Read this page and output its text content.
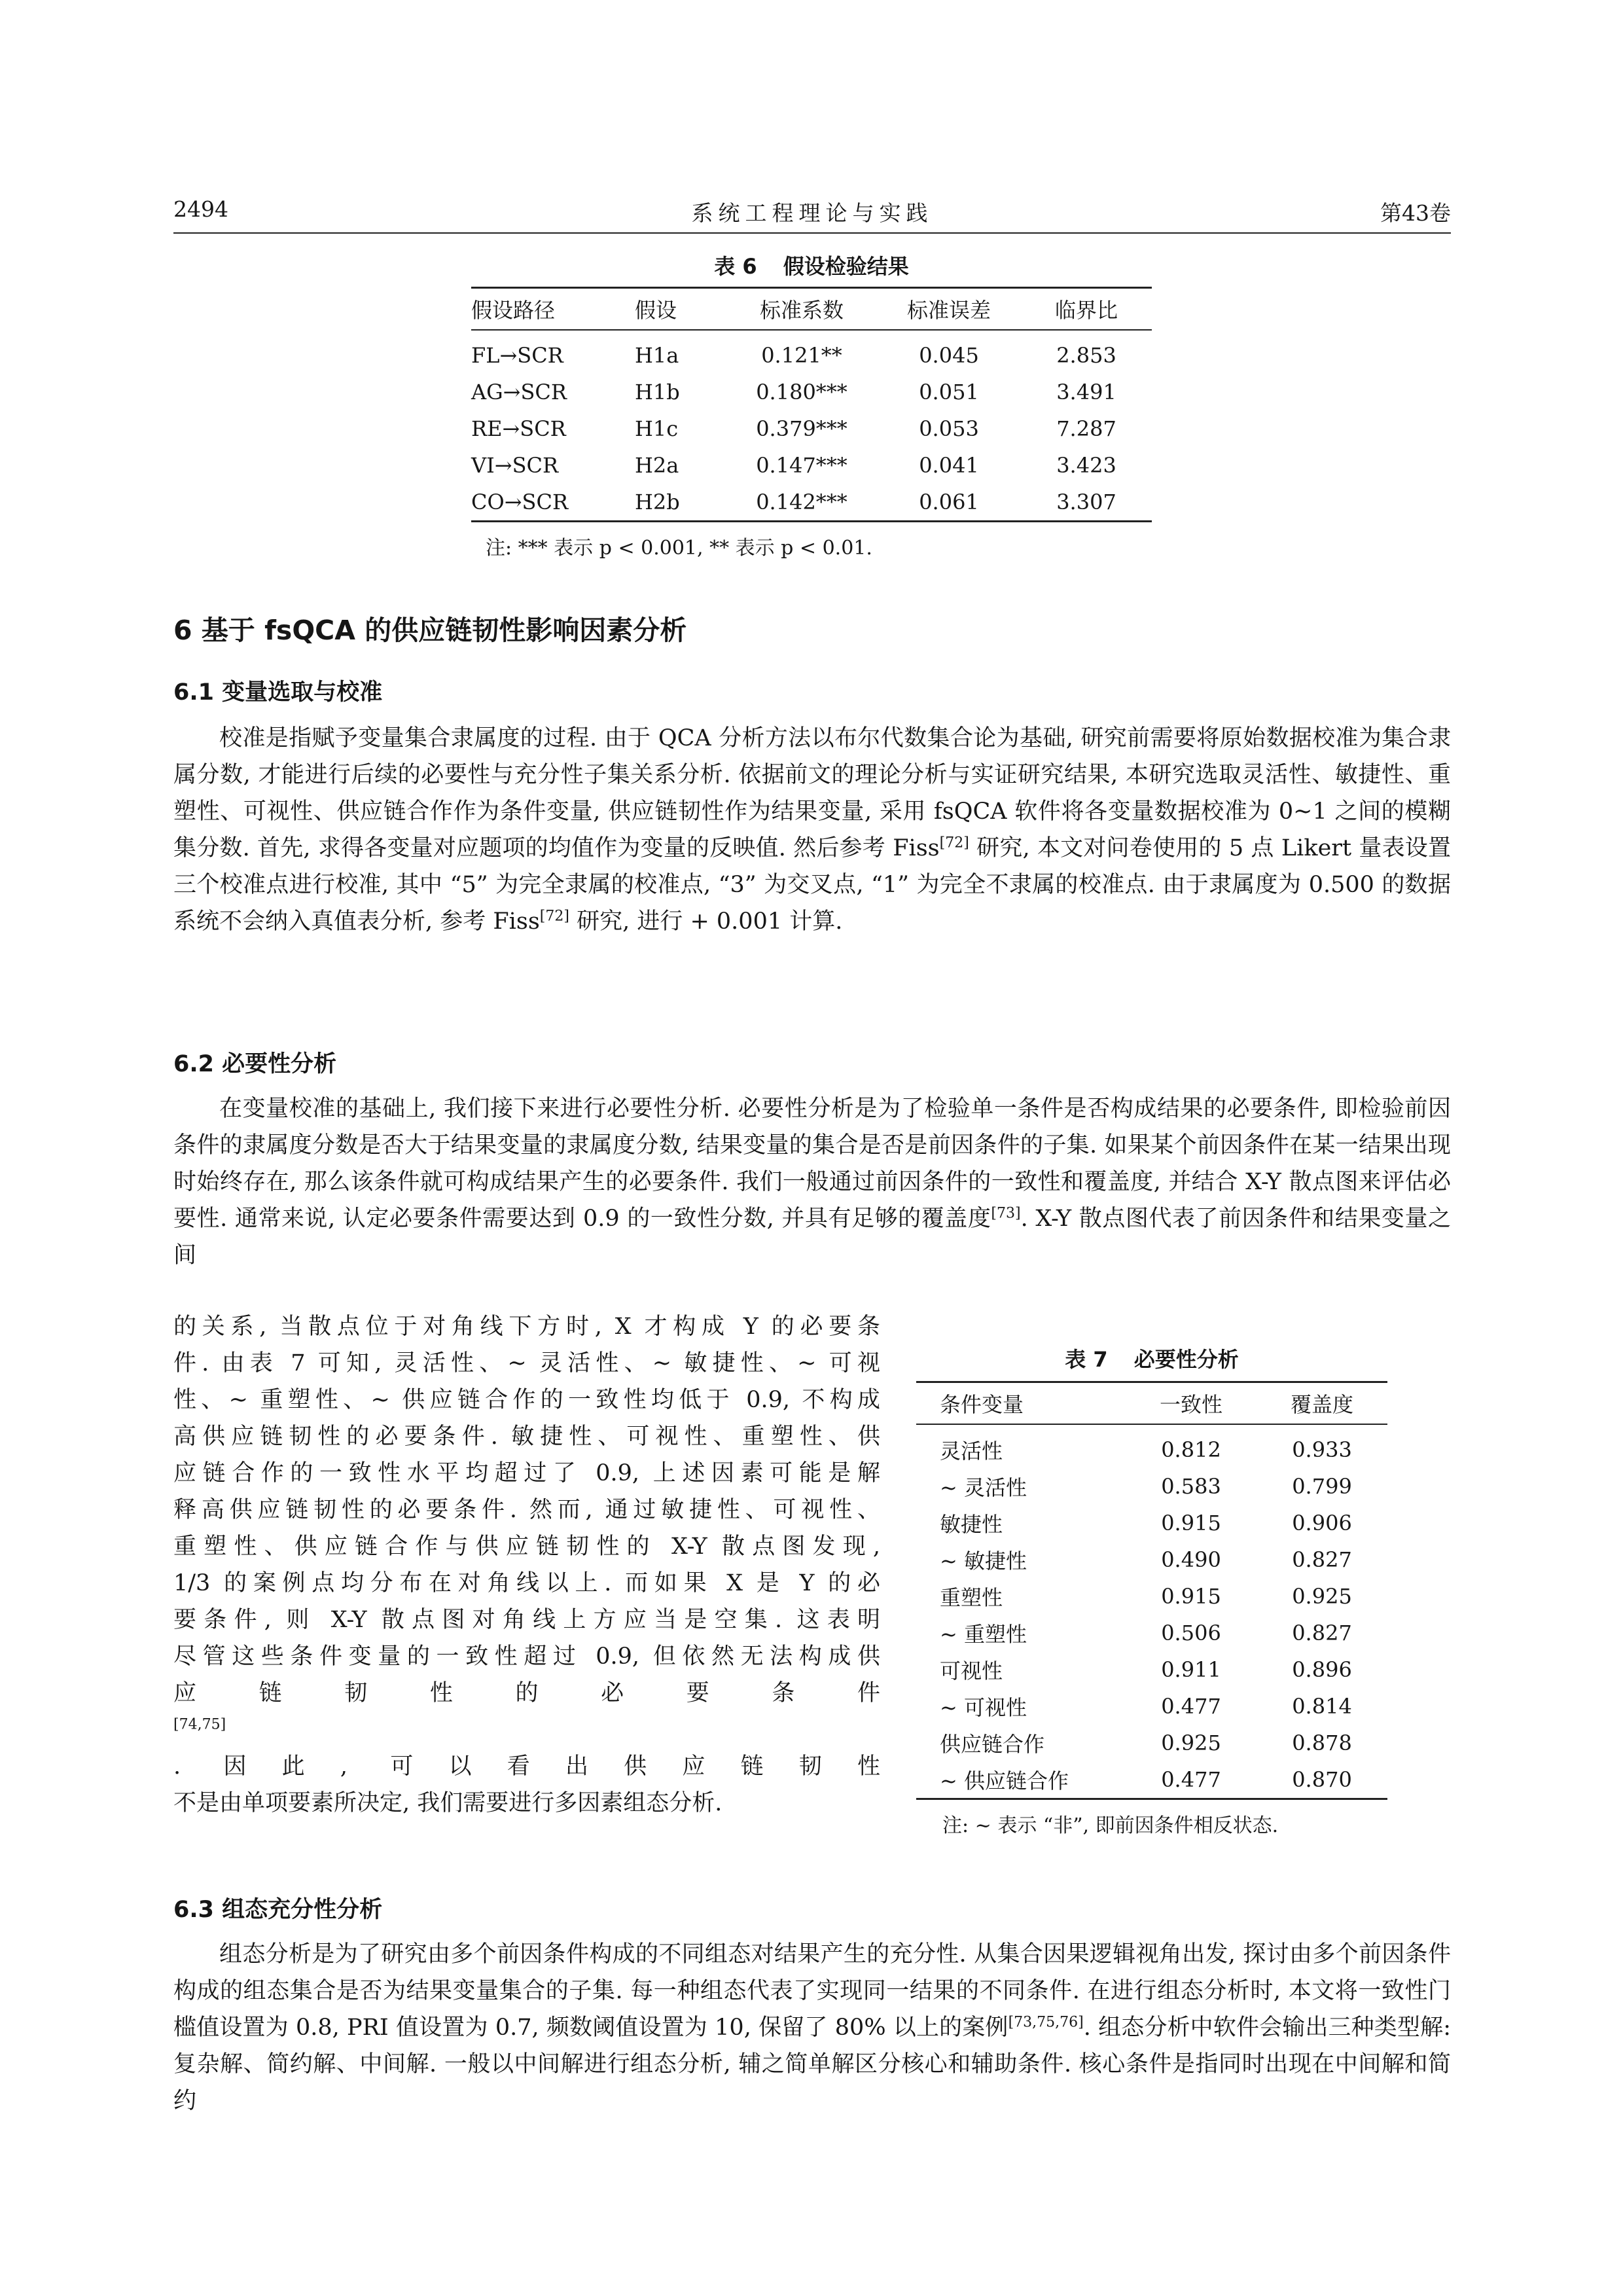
2494	系统工程理论与实践	第43卷
表 6 假设检验结果
假设路径	假设	标准系数	标准误差	临界比
FL→SCR	H1a	0.121**	0.045	2.853
AG→SCR	H1b	0.180***	0.051	3.491
RE→SCR	H1c	0.379***	0.053	7.287
VI→SCR	H2a	0.147***	0.041	3.423
CO→SCR	H2b	0.142***	0.061	3.307
注: *** 表示 p < 0.001, ** 表示 p < 0.01.
6 基于 fsQCA 的供应链韧性影响因素分析
6.1 变量选取与校准

校准是指赋予变量集合隶属度的过程. 由于 QCA 分析方法以布尔代数集合论为基础, 研究前需要将原始数据校准为集合隶属分数, 才能进行后续的必要性与充分性子集关系分析. 依据前文的理论分析与实证研究结果, 本研究选取灵活性、敏捷性、重塑性、可视性、供应链合作作为条件变量, 供应链韧性作为结果变量, 采用 fsQCA 软件将各变量数据校准为 0~1 之间的模糊集分数. 首先, 求得各变量对应题项的均值作为变量的反映值. 然后参考 Fiss[72] 研究, 本文对问卷使用的 5 点 Likert 量表设置三个校准点进行校准, 其中 “5” 为完全隶属的校准点, “3” 为交叉点, “1” 为完全不隶属的校准点. 由于隶属度为 0.500 的数据系统不会纳入真值表分析, 参考 Fiss[72] 研究, 进行 + 0.001 计算.

6.2 必要性分析

在变量校准的基础上, 我们接下来进行必要性分析. 必要性分析是为了检验单一条件是否构成结果的必要条件, 即检验前因条件的隶属度分数是否大于结果变量的隶属度分数, 结果变量的集合是否是前因条件的子集. 如果某个前因条件在某一结果出现时始终存在, 那么该条件就可构成结果产生的必要条件. 我们一般通过前因条件的一致性和覆盖度, 并结合 X-Y 散点图来评估必要性. 通常来说, 认定必要条件需要达到 0.9 的一致性分数, 并具有足够的覆盖度[73]. X-Y 散点图代表了前因条件和结果变量之间

的关系, 当散点位于对角线下方时, X 才构成 Y 的必要条
件. 由表 7 可知, 灵活性、~ 灵活性、~ 敏捷性、~ 可视
性、~ 重塑性、~ 供应链合作的一致性均低于 0.9, 不构成
高供应链韧性的必要条件. 敏捷性、可视性、重塑性、供
应链合作的一致性水平均超过了 0.9, 上述因素可能是解
释高供应链韧性的必要条件. 然而, 通过敏捷性、可视性、
重塑性、供应链合作与供应链韧性的 X-Y 散点图发现,
1/3 的案例点均分布在对角线以上. 而如果 X 是 Y 的必
要条件, 则 X-Y 散点图对角线上方应当是空集. 这表明
尽管这些条件变量的一致性超过 0.9, 但依然无法构成供
应链韧性的必要条件
[74,75]
. 因此, 可以看出供应链韧性
不是由单项要素所决定, 我们需要进行多因素组态分析.
表 7 必要性分析
条件变量	一致性	覆盖度
灵活性	0.812	0.933
~ 灵活性	0.583	0.799
敏捷性	0.915	0.906
~ 敏捷性	0.490	0.827
重塑性	0.915	0.925
~ 重塑性	0.506	0.827
可视性	0.911	0.896
~ 可视性	0.477	0.814
供应链合作	0.925	0.878
~ 供应链合作	0.477	0.870
注: ~ 表示 “非”, 即前因条件相反状态.
6.3 组态充分性分析

组态分析是为了研究由多个前因条件构成的不同组态对结果产生的充分性. 从集合因果逻辑视角出发, 探讨由多个前因条件构成的组态集合是否为结果变量集合的子集. 每一种组态代表了实现同一结果的不同条件. 在进行组态分析时, 本文将一致性门槛值设置为 0.8, PRI 值设置为 0.7, 频数阈值设置为 10, 保留了 80% 以上的案例[73,75,76]. 组态分析中软件会输出三种类型解: 复杂解、简约解、中间解. 一般以中间解进行组态分析, 辅之简单解区分核心和辅助条件. 核心条件是指同时出现在中间解和简约
